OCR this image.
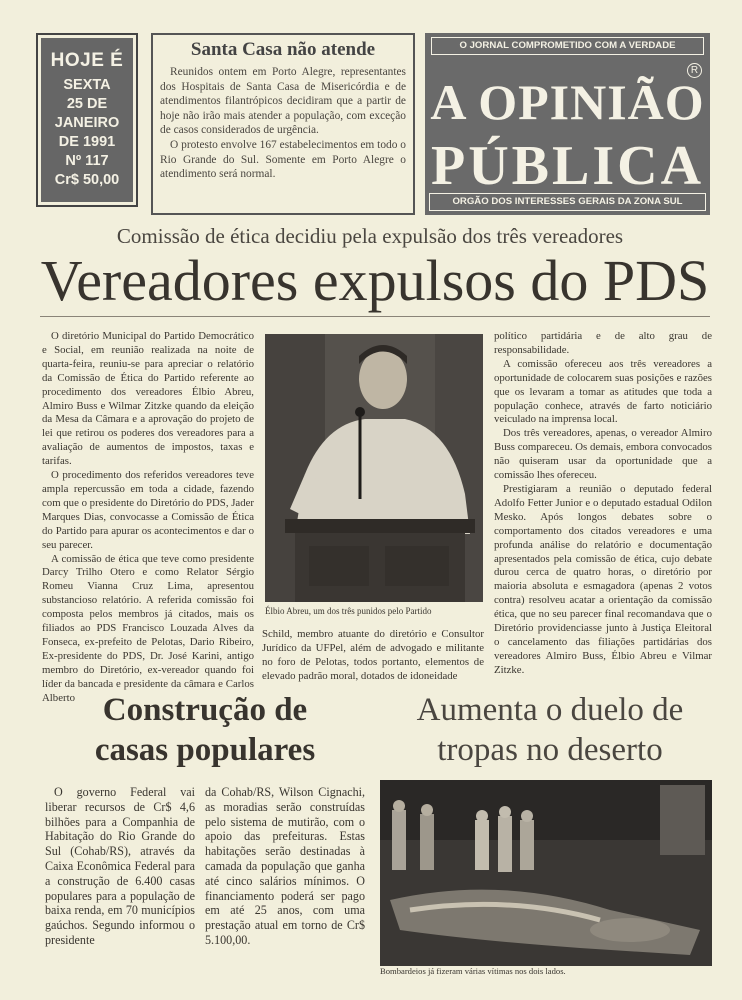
HOJE É
SEXTA
25 DE
JANEIRO
DE 1991
Nº 117
Cr$ 50,00
Santa Casa não atende

Reunidos ontem em Porto Alegre, representantes dos Hospitais de Santa Casa de Misericórdia e de atendimentos filantrópicos decidiram que a partir de hoje não irão mais atender a população, com exceção de casos considerados de urgência.

O protesto envolve 167 estabelecimentos em todo o Rio Grande do Sul. Somente em Porto Alegre o atendimento será normal.

O JORNAL COMPROMETIDO COM A VERDADE
R
A OPINIÃO
PÚBLICA
ORGÃO DOS INTERESSES GERAIS DA ZONA SUL
Comissão de ética decidiu pela expulsão dos três vereadores
Vereadores expulsos do PDS

O diretório Municipal do Partido Democrático e Social, em reunião realizada na noite de quarta-feira, reuniu-se para apreciar o relatório da Comissão de Ética do Partido referente ao procedimento dos vereadores Élbio Abreu, Almiro Buss e Wilmar Zitzke quando da eleição da Mesa da Câmara e a aprovação do projeto de lei que retirou os poderes dos vereadores para a avaliação de aumentos de impostos, taxas e tarifas.

O procedimento dos referidos vereadores teve ampla repercussão em toda a cidade, fazendo com que o presidente do Diretório do PDS, Jader Marques Dias, convocasse a Comissão de Ética do Partido para apurar os acontecimentos e dar o seu parecer.

A comissão de ética que teve como presidente Darcy Trilho Otero e como Relator Sérgio Romeu Vianna Cruz Lima, apresentou substancioso relatório. A referida comissão foi composta pelos membros já citados, mais os filiados ao PDS Francisco Louzada Alves da Fonseca, ex-prefeito de Pelotas, Dario Ribeiro, Ex-presidente do PDS, Dr. José Karini, antigo membro do Diretório, ex-vereador quando foi líder da bancada e presidente da câmara e Carlos Alberto

Élbio Abreu, um dos três punidos pelo Partido

Schild, membro atuante do diretório e Consultor Jurídico da UFPel, além de advogado e militante no foro de Pelotas, todos portanto, elementos de elevado padrão moral, dotados de idoneidade

político partidária e de alto grau de responsabilidade.

A comissão ofereceu aos três vereadores a oportunidade de colocarem suas posições e razões que os levaram a tomar as atitudes que toda a população conhece, através de farto noticiário veiculado na imprensa local.

Dos três vereadores, apenas, o vereador Almiro Buss compareceu. Os demais, embora convocados não quiseram usar da oportunidade que a comissão lhes ofereceu.

Prestigiaram a reunião o deputado federal Adolfo Fetter Junior e o deputado estadual Odilon Mesko. Após longos debates sobre o comportamento dos citados vereadores e uma profunda análise do relatório e documentação apresentados pela comissão de ética, cujo debate durou cerca de quatro horas, o diretório por maioria absoluta e esmagadora (apenas 2 votos contra) resolveu acatar a orientação da comissão ética, que no seu parecer final recomandava que o Diretório providenciasse junto à Justiça Eleitoral o cancelamento das filiações partidárias dos vereadores Almiro Buss, Élbio Abreu e Vilmar Zitzke.

Construção de
casas populares

O governo Federal vai liberar recursos de Cr$ 4,6 bilhões para a Companhia de Habitação do Rio Grande do Sul (Cohab/RS), através da Caixa Econômica Federal para a construção de 6.400 casas populares para a população de baixa renda, em 70 municípios gaúchos. Segundo informou o presidente

da Cohab/RS, Wilson Cignachi, as moradias serão construídas pelo sistema de mutirão, com o apoio das prefeituras. Estas habitações serão destinadas à camada da população que ganha até cinco salários mínimos. O financiamento poderá ser pago em até 25 anos, com uma prestação atual em torno de Cr$ 5.100,00.

Aumenta o duelo de
tropas no deserto
Bombardeios já fizeram várias vítimas nos dois lados.
